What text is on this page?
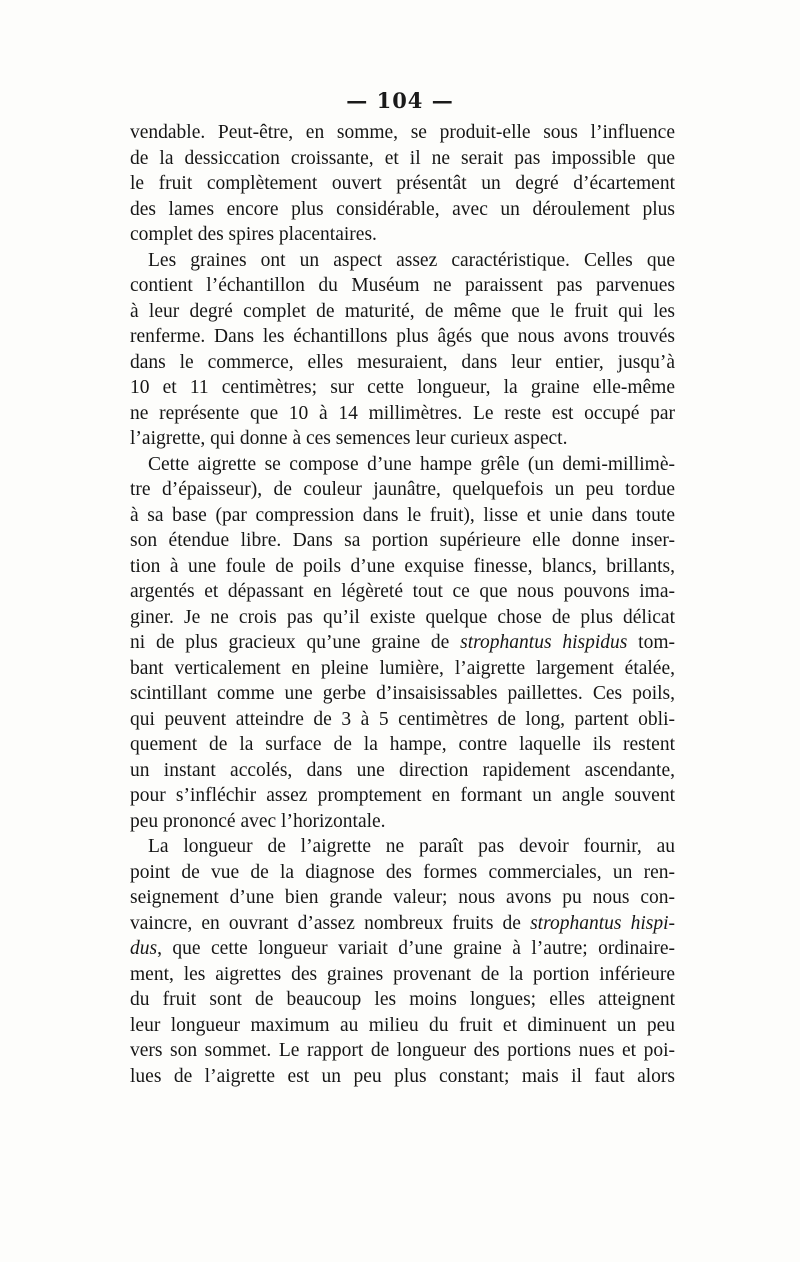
— 104 —
vendable. Peut-être, en somme, se produit-elle sous l’influence
de la dessiccation croissante, et il ne serait pas impossible que
le fruit complètement ouvert présentât un degré d’écartement
des lames encore plus considérable, avec un déroulement plus
complet des spires placentaires.
Les graines ont un aspect assez caractéristique. Celles que
contient l’échantillon du Muséum ne paraissent pas parvenues
à leur degré complet de maturité, de même que le fruit qui les
renferme. Dans les échantillons plus âgés que nous avons trouvés
dans le commerce, elles mesuraient, dans leur entier, jusqu’à
10 et 11 centimètres; sur cette longueur, la graine elle-même
ne représente que 10 à 14 millimètres. Le reste est occupé par
l’aigrette, qui donne à ces semences leur curieux aspect.
Cette aigrette se compose d’une hampe grêle (un demi-millimè-
tre d’épaisseur), de couleur jaunâtre, quelquefois un peu tordue
à sa base (par compression dans le fruit), lisse et unie dans toute
son étendue libre. Dans sa portion supérieure elle donne inser-
tion à une foule de poils d’une exquise finesse, blancs, brillants,
argentés et dépassant en légèreté tout ce que nous pouvons ima-
giner. Je ne crois pas qu’il existe quelque chose de plus délicat
ni de plus gracieux qu’une graine de strophantus hispidus tom-
bant verticalement en pleine lumière, l’aigrette largement étalée,
scintillant comme une gerbe d’insaisissables paillettes. Ces poils,
qui peuvent atteindre de 3 à 5 centimètres de long, partent obli-
quement de la surface de la hampe, contre laquelle ils restent
un instant accolés, dans une direction rapidement ascendante,
pour s’infléchir assez promptement en formant un angle souvent
peu prononcé avec l’horizontale.
La longueur de l’aigrette ne paraît pas devoir fournir, au
point de vue de la diagnose des formes commerciales, un ren-
seignement d’une bien grande valeur; nous avons pu nous con-
vaincre, en ouvrant d’assez nombreux fruits de strophantus hispi-
dus, que cette longueur variait d’une graine à l’autre; ordinaire-
ment, les aigrettes des graines provenant de la portion inférieure
du fruit sont de beaucoup les moins longues; elles atteignent
leur longueur maximum au milieu du fruit et diminuent un peu
vers son sommet. Le rapport de longueur des portions nues et poi-
lues de l’aigrette est un peu plus constant; mais il faut alors
